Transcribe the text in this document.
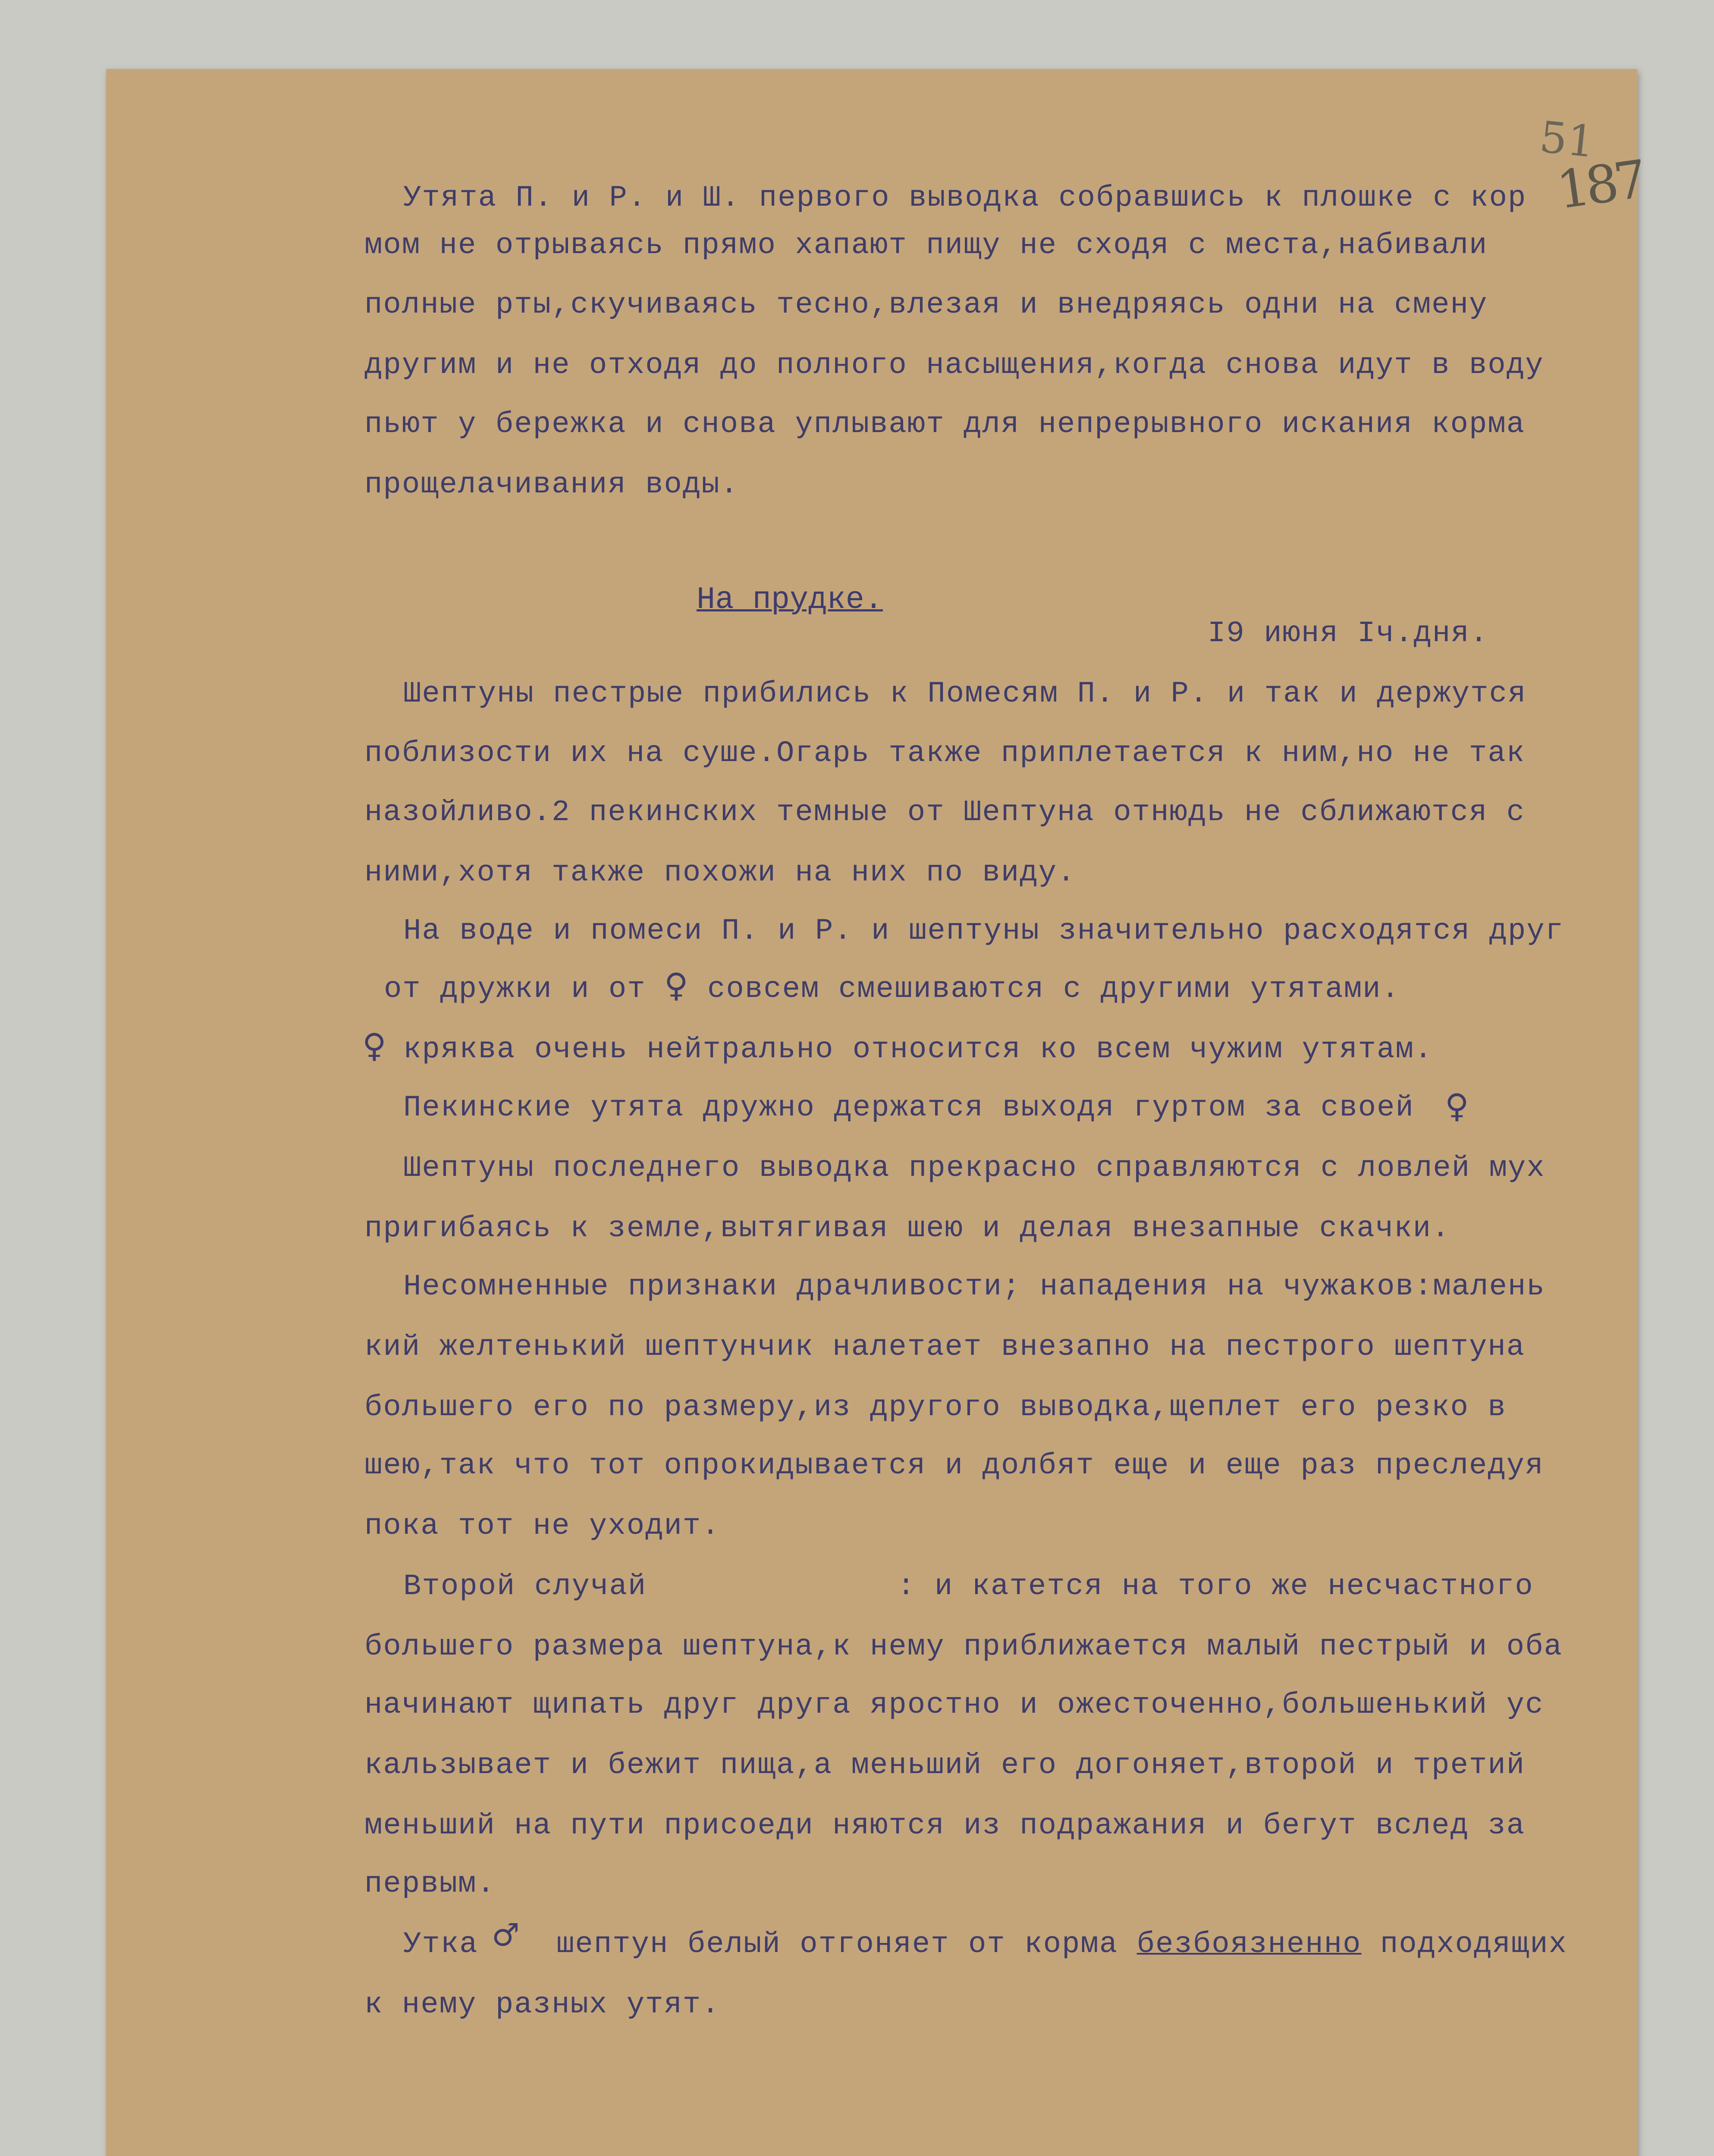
51
187
Утята П. и Р. и Ш. первого выводка собравшись к плошке с кор
мом не отрываясь прямо хапают пищу не сходя с места,набивали
полные рты,скучиваясь тесно,влезая и внедряясь одни на смену
другим и не отходя до полного насыщения,когда снова идут в воду
пьют у бережка и снова уплывают для непрерывного искания корма
прощелачивания воды.
На прудке.
I9 июня Iч.дня.
Шептуны пестрые прибились к Помесям П. и Р. и так и держутся
поблизости их на суше.Огарь также приплетается к ним,но не так
назойливо.2 пекинских темные от Шептуна отнюдь не сближаются с
ними,хотя также похожи на них по виду.
На воде и помеси П. и Р. и шептуны значительно расходятся друг
от дружки и от ♀ совсем смешиваются с другими утятами.
♀ кряква очень нейтрально относится ко всем чужим утятам.
Пекинские утята дружно держатся выходя гуртом за своей ♀
Шептуны последнего выводка прекрасно справляются с ловлей мух
пригибаясь к земле,вытягивая шею и делая внезапные скачки.
Несомненные признаки драчливости; нападения на чужаков:малень
кий желтенький шептунчик налетает внезапно на пестрого шептуна
большего его по размеру,из другого выводка,щеплет его резко в
шею,так что тот опрокидывается и долбят еще и еще раз преследуя
пока тот не уходит.
Второй случай	: и катется на того же несчастного
большего размера шептуна,к нему приближается малый пестрый и оба
начинают щипать друг друга яростно и ожесточенно,большенький ус
кальзывает и бежит пища,а меньший его догоняет,второй и третий
меньший на пути присоеди няются из подражания и бегут вслед за
первым.
Утка ♂ шептун белый отгоняет от корма безбоязненно подходящих
к нему разных утят.
